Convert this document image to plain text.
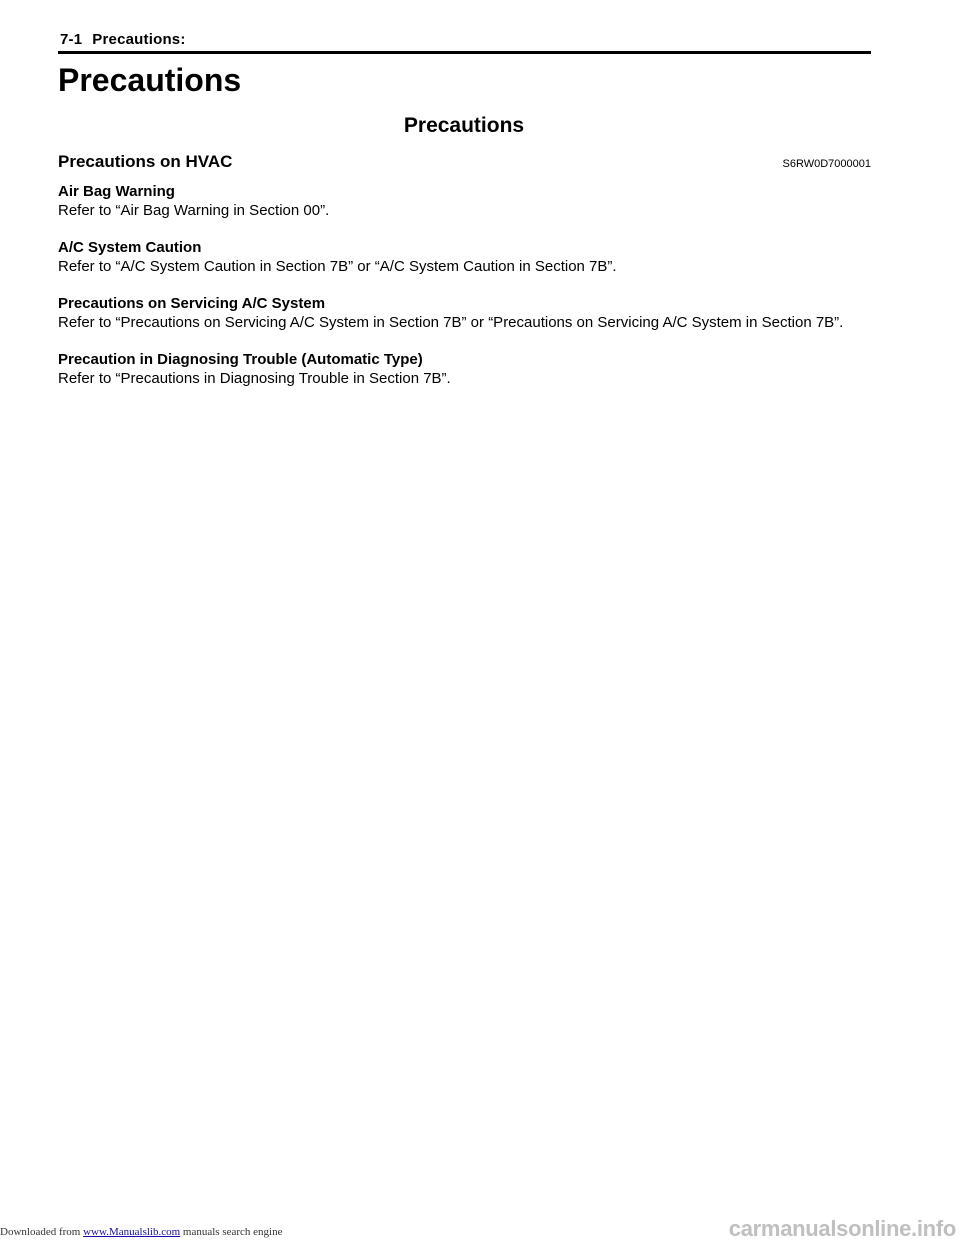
7-1 Precautions:
Precautions
Precautions
Precautions on HVAC	S6RW0D7000001

Air Bag Warning

Refer to “Air Bag Warning in Section 00”.

A/C System Caution

Refer to “A/C System Caution in Section 7B” or “A/C System Caution in Section 7B”.

Precautions on Servicing A/C System

Refer to “Precautions on Servicing A/C System in Section 7B” or “Precautions on Servicing A/C System in Section 7B”.

Precaution in Diagnosing Trouble (Automatic Type)

Refer to “Precautions in Diagnosing Trouble in Section 7B”.

Downloaded from www.Manualslib.com manuals search engine	carmanualsonline.info
